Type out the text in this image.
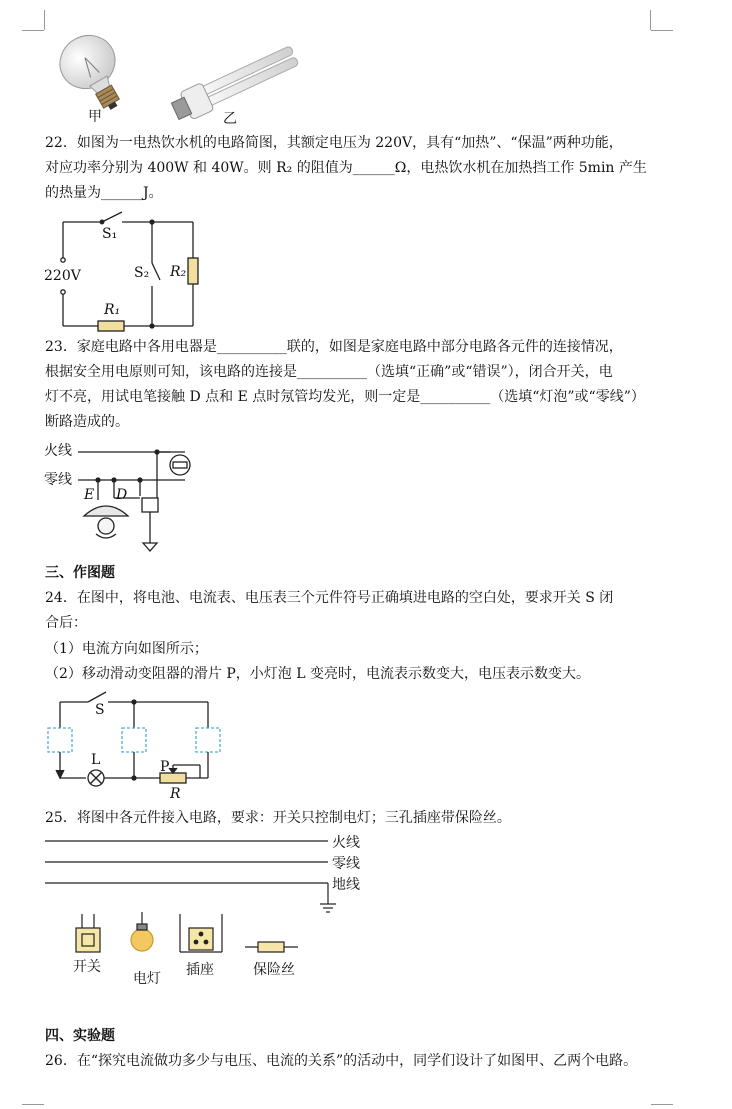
甲	乙
22．如图为一电热饮水机的电路简图，其额定电压为 220V，具有“加热”、“保温”两种功能，
对应功率分别为 400W 和 40W。则 R₂ 的阻值为______Ω，电热饮水机在加热挡工作 5min 产生
的热量为______J。
S₁
220V	S₂ R₂
R₁
23．家庭电路中各用电器是__________联的，如图是家庭电路中部分电路各元件的连接情况，
根据安全用电原则可知，该电路的连接是__________（选填“正确”或“错误”），闭合开关，电
灯不亮，用试电笔接触 D 点和 E 点时氖管均发光，则一定是__________（选填“灯泡”或“零线”）
断路造成的。
火线
零线
E D
三、作图题
24．在图中，将电池、电流表、电压表三个元件符号正确填进电路的空白处，要求开关 S 闭
合后：
（1）电流方向如图所示；
（2）移动滑动变阻器的滑片 P，小灯泡 L 变亮时，电流表示数变大，电压表示数变大。
S
L	P
R
25．将图中各元件接入电路，要求：开关只控制电灯；三孔插座带保险丝。
火线
零线
地线
开关
电灯
插座	保险丝
四、实验题
26．在“探究电流做功多少与电压、电流的关系”的活动中，同学们设计了如图甲、乙两个电路。
